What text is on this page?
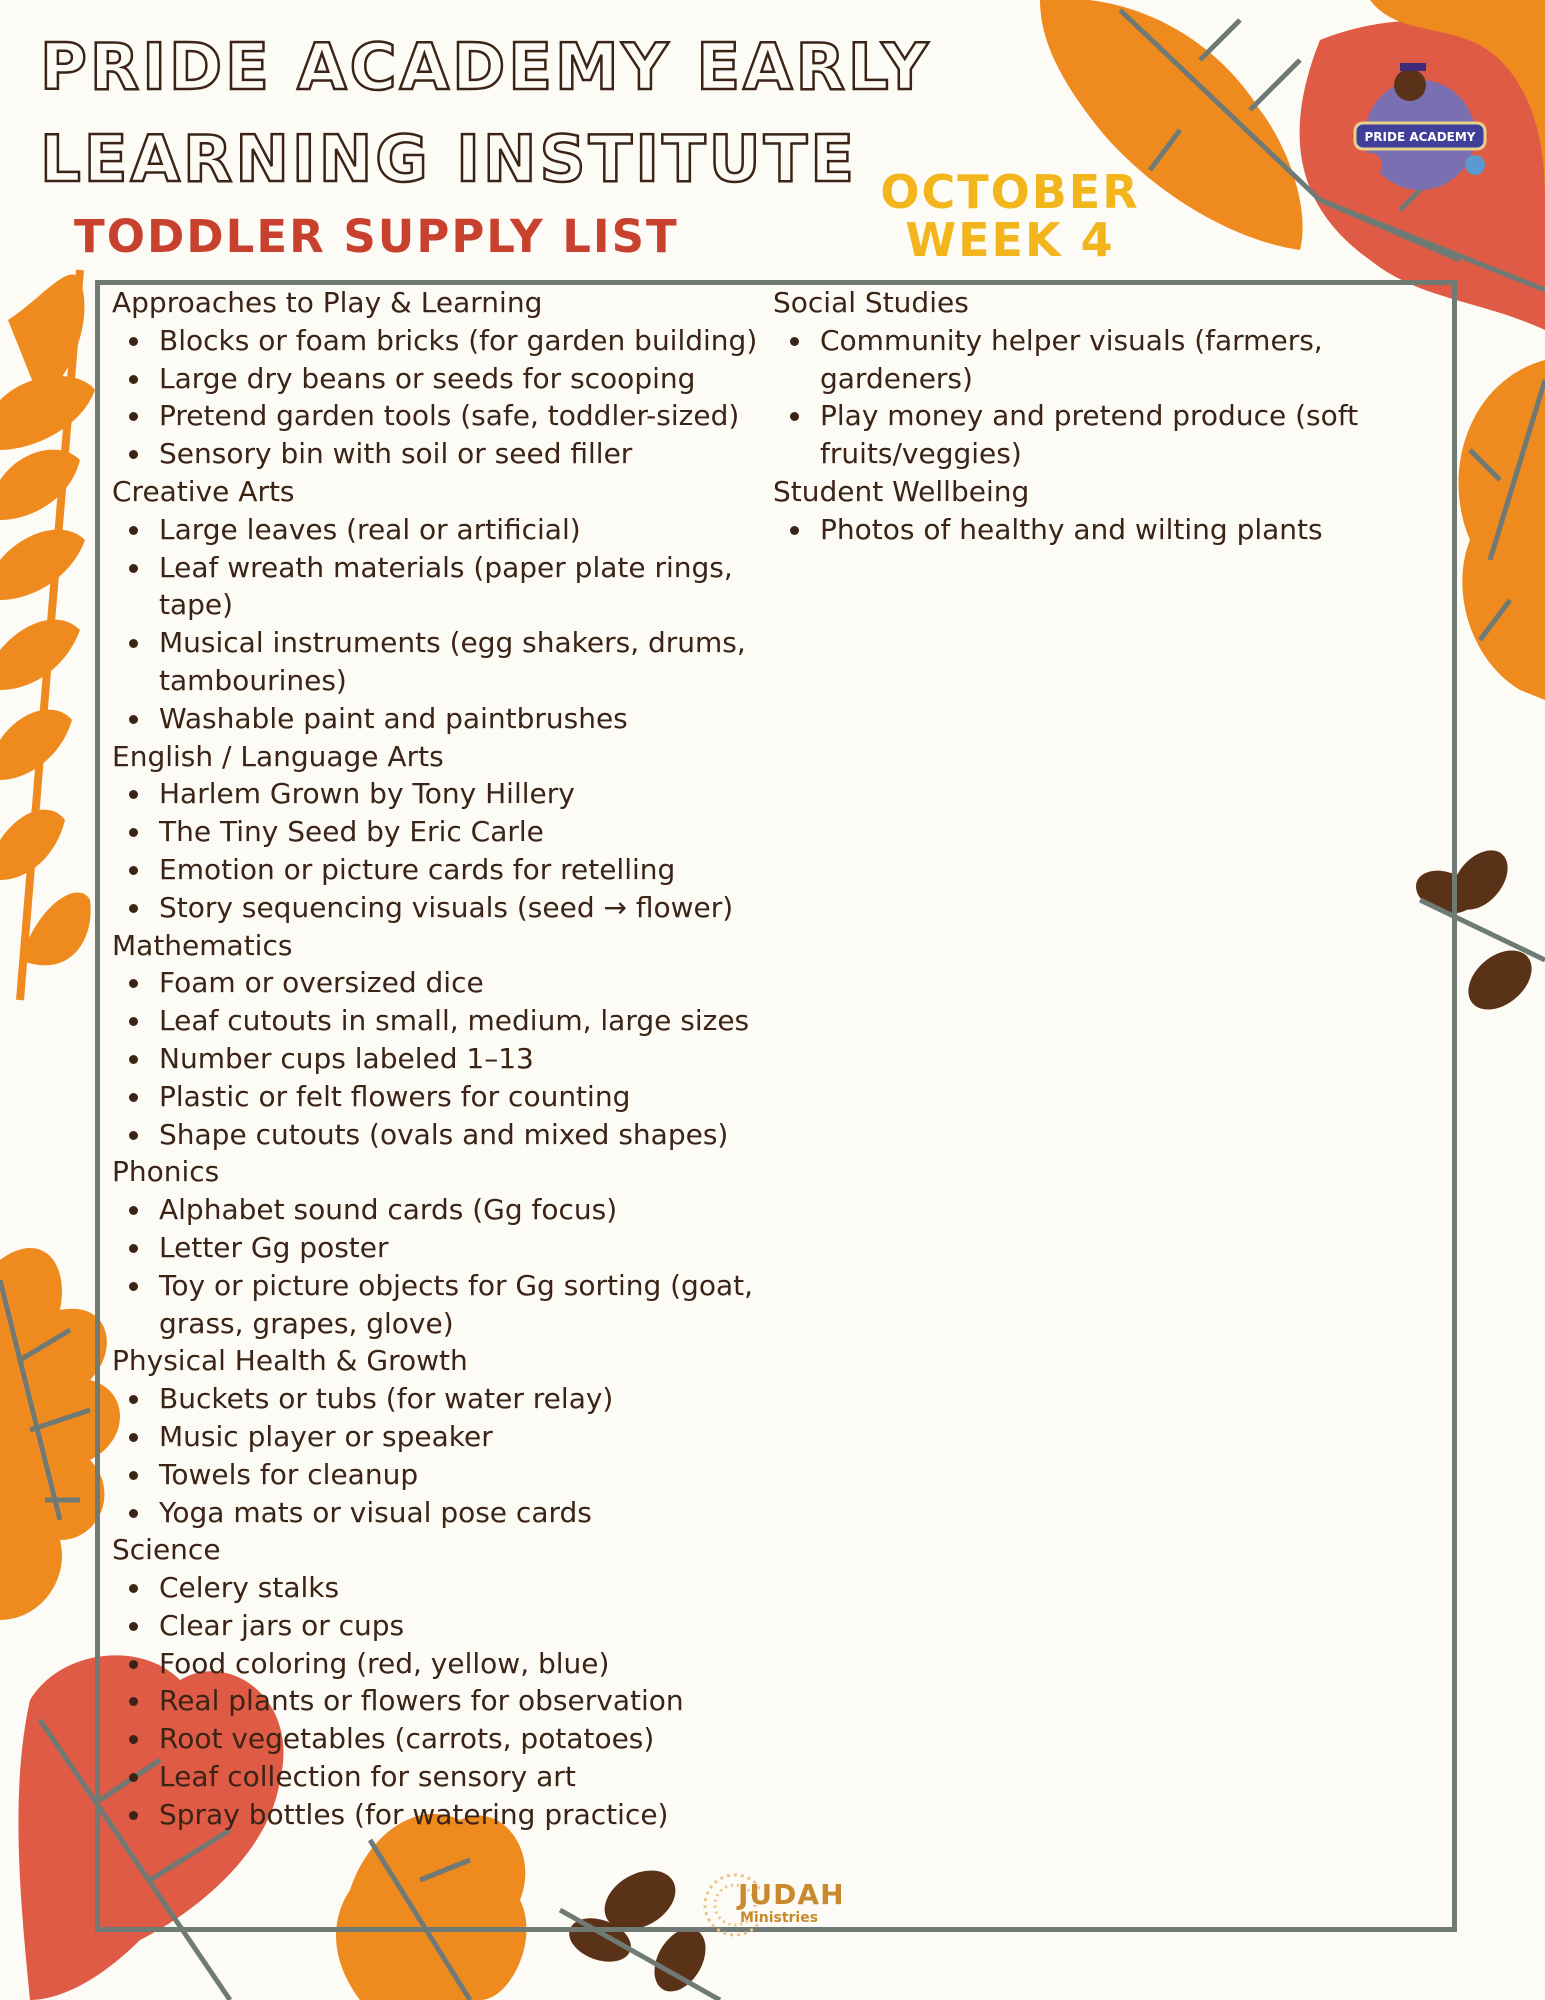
PRIDE ACADEMY
PRIDE ACADEMY EARLY
LEARNING INSTITUTE
TODDLER SUPPLY LIST
OCTOBER
WEEK 4
Approaches to Play & Learning
Blocks or foam bricks (for garden building)
Large dry beans or seeds for scooping
Pretend garden tools (safe, toddler-sized)
Sensory bin with soil or seed filler
Creative Arts
Large leaves (real or artificial)
Leaf wreath materials (paper plate rings, tape)
Musical instruments (egg shakers, drums, tambourines)
Washable paint and paintbrushes
English / Language Arts
Harlem Grown by Tony Hillery
The Tiny Seed by Eric Carle
Emotion or picture cards for retelling
Story sequencing visuals (seed → flower)
Mathematics
Foam or oversized dice
Leaf cutouts in small, medium, large sizes
Number cups labeled 1–13
Plastic or felt flowers for counting
Shape cutouts (ovals and mixed shapes)
Phonics
Alphabet sound cards (Gg focus)
Letter Gg poster
Toy or picture objects for Gg sorting (goat, grass, grapes, glove)
Physical Health & Growth
Buckets or tubs (for water relay)
Music player or speaker
Towels for cleanup
Yoga mats or visual pose cards
Science
Celery stalks
Clear jars or cups
Food coloring (red, yellow, blue)
Real plants or flowers for observation
Root vegetables (carrots, potatoes)
Leaf collection for sensory art
Spray bottles (for watering practice)
Social Studies
Community helper visuals (farmers, gardeners)
Play money and pretend produce (soft fruits/veggies)
Student Wellbeing
Photos of healthy and wilting plants
JUDAH
Ministries
